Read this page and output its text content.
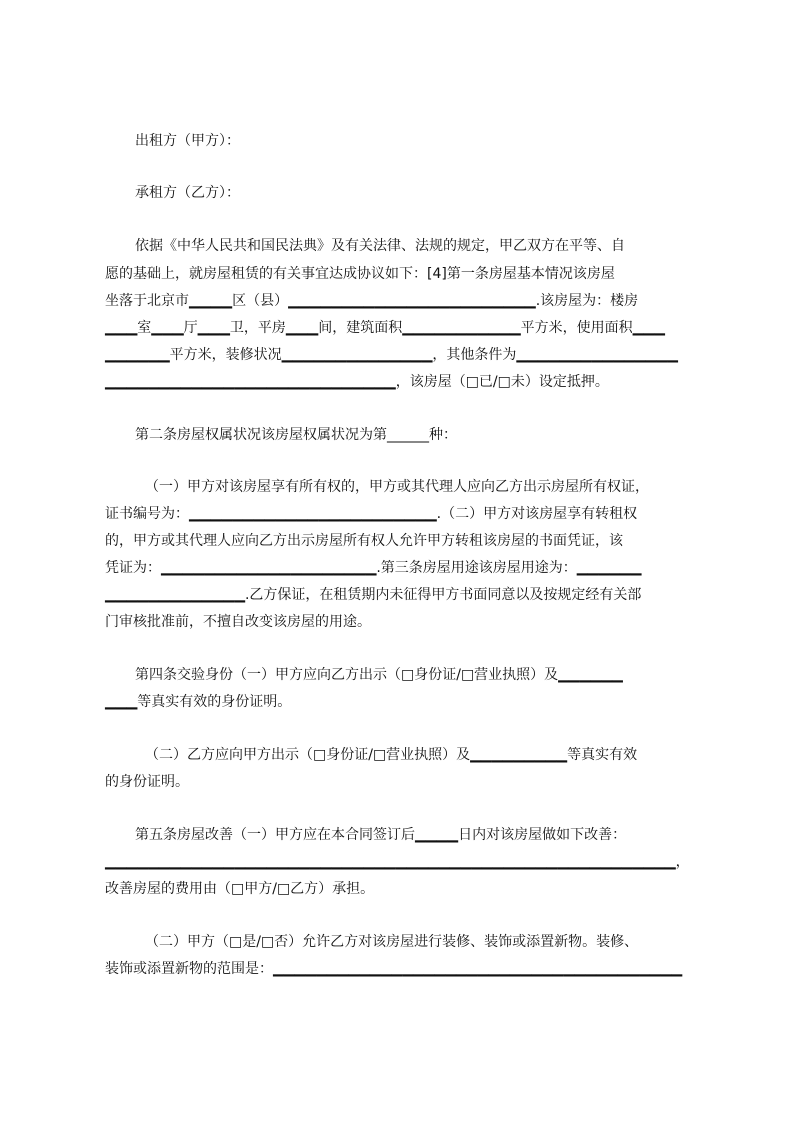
出租方（甲方）：
承租方（乙方）：
依据《中华人民共和国民法典》及有关法律、法规的规定，甲乙双方在平等、自
愿的基础上，就房屋租赁的有关事宜达成协议如下：[4]第一条房屋基本情况该房屋
坐落于北京市▁▁▁▁区（县）▁▁▁▁▁▁▁▁▁▁▁▁▁▁▁▁▁▁▁▁▁▁▁.该房屋为：楼房
▁▁▁室▁▁▁厅▁▁▁卫，平房▁▁▁间，建筑面积▁▁▁▁▁▁▁▁▁▁▁平方米，使用面积▁▁▁
▁▁▁▁▁▁平方米，装修状况▁▁▁▁▁▁▁▁▁▁▁▁▁▁，其他条件为▁▁▁▁▁▁▁▁▁▁▁▁▁▁▁
▁▁▁▁▁▁▁▁▁▁▁▁▁▁▁▁▁▁▁▁▁▁▁▁▁▁▁，该房屋（□已/□未）设定抵押。
第二条房屋权属状况该房屋权属状况为第______种：
（一）甲方对该房屋享有所有权的，甲方或其代理人应向乙方出示房屋所有权证，
证书编号为：▁▁▁▁▁▁▁▁▁▁▁▁▁▁▁▁▁▁▁▁▁▁▁.（二）甲方对该房屋享有转租权
的，甲方或其代理人应向乙方出示房屋所有权人允许甲方转租该房屋的书面凭证，该
凭证为：▁▁▁▁▁▁▁▁▁▁▁▁▁▁▁▁▁▁▁▁.第三条房屋用途该房屋用途为：▁▁▁▁▁▁
▁▁▁▁▁▁▁▁▁▁▁▁▁.乙方保证，在租赁期内未征得甲方书面同意以及按规定经有关部
门审核批准前，不擅自改变该房屋的用途。
第四条交验身份（一）甲方应向乙方出示（□身份证/□营业执照）及▁▁▁▁▁▁
▁▁▁等真实有效的身份证明。
（二）乙方应向甲方出示（□身份证/□营业执照）及▁▁▁▁▁▁▁▁▁等真实有效
的身份证明。
第五条房屋改善（一）甲方应在本合同签订后▁▁▁▁日内对该房屋做如下改善：
▁▁▁▁▁▁▁▁▁▁▁▁▁▁▁▁▁▁▁▁▁▁▁▁▁▁▁▁▁▁▁▁▁▁▁▁▁▁▁▁▁▁▁▁▁▁▁▁▁▁▁▁▁，
改善房屋的费用由（□甲方/□乙方）承担。
（二）甲方（□是/□否）允许乙方对该房屋进行装修、装饰或添置新物。装修、
装饰或添置新物的范围是：▁▁▁▁▁▁▁▁▁▁▁▁▁▁▁▁▁▁▁▁▁▁▁▁▁▁▁▁▁▁▁▁▁▁▁▁▁▁
